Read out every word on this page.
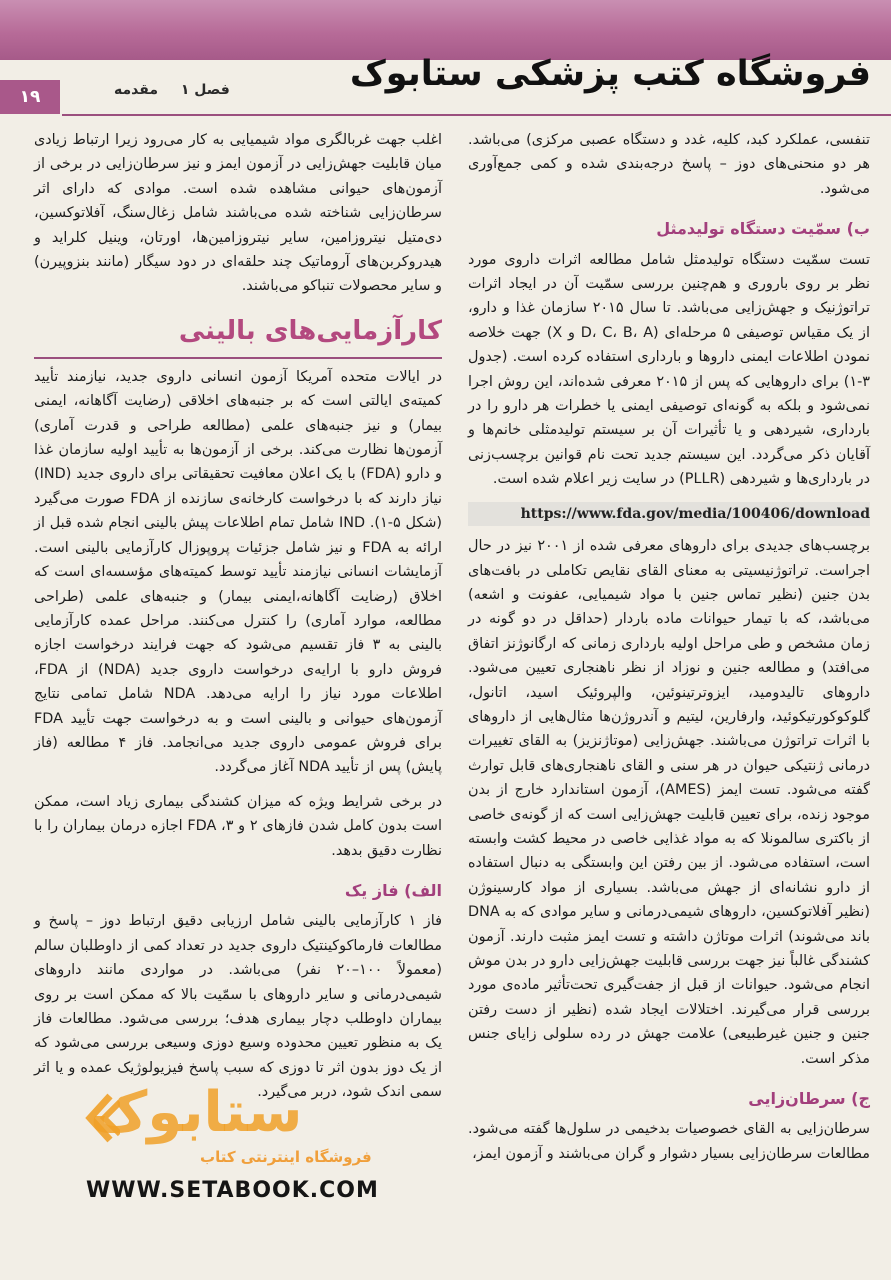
۱۹	فصل ۱ مقدمه	فروشگاه کتب پزشکی ستابوک

تنفسی، عملکرد کبد، کلیه، غدد و دستگاه عصبی مرکزی) می‌باشد. هر دو منحنی‌های دوز – پاسخ درجه‌بندی شده و کمی جمع‌آوری می‌شود.

ب) سمّیت دستگاه تولیدمثل

تست سمّیت دستگاه تولیدمثل شامل مطالعه اثرات داروی مورد نظر بر روی باروری و هم‌چنین بررسی سمّیت آن در ایجاد اثرات تراتوژنیک و جهش‌زایی می‌باشد. تا سال ۲۰۱۵ سازمان غذا و دارو، از یک مقیاس توصیفی ۵ مرحله‌ای (D، C، B، A و X) جهت خلاصه نمودن اطلاعات ایمنی داروها و بارداری استفاده کرده است. (جدول ۳-۱) برای داروهایی که پس از ۲۰۱۵ معرفی شده‌اند، این روش اجرا نمی‌شود و بلکه به گونه‌ای توصیفی ایمنی یا خطرات هر دارو را در بارداری، شیردهی و یا تأثیرات آن بر سیستم تولیدمثلی خانم‌ها و آقایان ذکر می‌گردد. این سیستم جدید تحت نام قوانین برچسب‌زنی در بارداری‌ها و شیردهی (PLLR) در سایت زیر اعلام شده است.

https://www.fda.gov/media/100406/download

برچسب‌های جدیدی برای داروهای معرفی شده از ۲۰۰۱ نیز در حال اجراست. تراتوژنیسیتی به معنای القای نقایص تکاملی در بافت‌های بدن جنین (نظیر تماس جنین با مواد شیمیایی، عفونت و اشعه) می‌باشد، که با تیمار حیوانات ماده باردار (حداقل در دو گونه در زمان مشخص و طی مراحل اولیه بارداری زمانی که ارگانوژنز اتفاق می‌افتد) و مطالعه جنین و نوزاد از نظر ناهنجاری تعیین می‌شود. داروهای تالیدومید، ایزوترتینوئین، والپروئیک اسید، اتانول، گلوکوکورتیکوئید، وارفارین، لیتیم و آندروژن‌ها مثال‌هایی از داروهای با اثرات تراتوژن می‌باشند. جهش‌زایی (موتاژنزیز) به القای تغییرات درمانی ژنتیکی حیوان در هر سنی و القای ناهنجاری‌های قابل توارث گفته می‌شود. تست ایمز (AMES)، آزمون استاندارد خارج از بدن موجود زنده، برای تعیین قابلیت جهش‌زایی است که از گونه‌ی خاصی از باکتری سالمونلا که به مواد غذایی خاصی در محیط کشت وابسته است، استفاده می‌شود. از بین رفتن این وابستگی به دنبال استفاده از دارو نشانه‌ای از جهش می‌باشد. بسیاری از مواد کارسینوژن (نظیر آفلاتوکسین، داروهای شیمی‌درمانی و سایر موادی که به DNA باند می‌شوند) اثرات موتاژن داشته و تست ایمز مثبت دارند. آزمون کشندگی غالباً نیز جهت بررسی قابلیت جهش‌زایی دارو در بدن موش انجام می‌شود. حیوانات از قبل از جفت‌گیری تحت‌تأثیر ماده‌ی مورد بررسی قرار می‌گیرند. اختلالات ایجاد شده (نظیر از دست رفتن جنین و جنین غیرطبیعی) علامت جهش در رده سلولی زایای جنس مذکر است.

ج) سرطان‌زایی

سرطان‌زایی به القای خصوصیات بدخیمی در سلول‌ها گفته می‌شود. مطالعات سرطان‌زایی بسیار دشوار و گران می‌باشند و آزمون ایمز،

اغلب جهت غربالگری مواد شیمیایی به کار می‌رود زیرا ارتباط زیادی میان قابلیت جهش‌زایی در آزمون ایمز و نیز سرطان‌زایی در برخی از آزمون‌های حیوانی مشاهده شده است. موادی که دارای اثر سرطان‌زایی شناخته شده می‌باشند شامل زغال‌سنگ، آفلاتوکسین، دی‌متیل نیتروزامین، سایر نیتروزامین‌ها، اورتان، وینیل کلراید و هیدروکربن‌های آروماتیک چند حلقه‌ای در دود سیگار (مانند بنزوپیرن) و سایر محصولات تنباکو می‌باشند.

کارآزمایی‌های بالینی

در ایالات متحده آمریکا آزمون انسانی داروی جدید، نیازمند تأیید کمیته‌ی ایالتی است که بر جنبه‌های اخلاقی (رضایت آگاهانه، ایمنی بیمار) و نیز جنبه‌های علمی (مطالعه طراحی و قدرت آماری) آزمون‌ها نظارت می‌کند. برخی از آزمون‌ها به تأیید اولیه سازمان غذا و دارو (FDA) با یک اعلان معافیت تحقیقاتی برای داروی جدید (IND) نیاز دارند که با درخواست کارخانه‌ی سازنده از FDA صورت می‌گیرد (شکل ۵-۱). IND شامل تمام اطلاعات پیش بالینی انجام شده قبل از ارائه به FDA و نیز شامل جزئیات پروپوزال کارآزمایی بالینی است. آزمایشات انسانی نیازمند تأیید توسط کمیته‌های مؤسسه‌ای است که اخلاق (رضایت آگاهانه،ایمنی بیمار) و جنبه‌های علمی (طراحی مطالعه، موارد آماری) را کنترل می‌کنند. مراحل عمده کارآزمایی بالینی به ۳ فاز تقسیم می‌شود که جهت فرایند درخواست اجازه فروش دارو با ارایه‌ی درخواست داروی جدید (NDA) از FDA، اطلاعات مورد نیاز را ارایه می‌دهد. NDA شامل تمامی نتایج آزمون‌های حیوانی و بالینی است و به درخواست جهت تأیید FDA برای فروش عمومی داروی جدید می‌انجامد. فاز ۴ مطالعه (فاز پایش) پس از تأیید NDA آغاز می‌گردد.

در برخی شرایط ویژه که میزان کشندگی بیماری زیاد است، ممکن است بدون کامل شدن فازهای ۲ و ۳، FDA اجازه درمان بیماران را با نظارت دقیق بدهد.

الف) فاز یک

فاز ۱ کارآزمایی بالینی شامل ارزیابی دقیق ارتباط دوز – پاسخ و مطالعات فارماکوکینتیک داروی جدید در تعداد کمی از داوطلبان سالم (معمولاً ۱۰۰–۲۰ نفر) می‌باشد. در مواردی مانند داروهای شیمی‌درمانی و سایر داروهای با سمّیت بالا که ممکن است بر روی بیماران داوطلب دچار بیماری هدف؛ بررسی می‌شود. مطالعات فاز یک به منظور تعیین محدوده وسیع دوزی وسیعی بررسی می‌شود که از یک دوز بدون اثر تا دوزی که سبب پاسخ فیزیولوژیک عمده و یا اثر سمی اندک شود، دربر می‌گیرد.

ستابوک
فروشگاه اینترنتی کتاب
WWW.SETABOOK.COM
